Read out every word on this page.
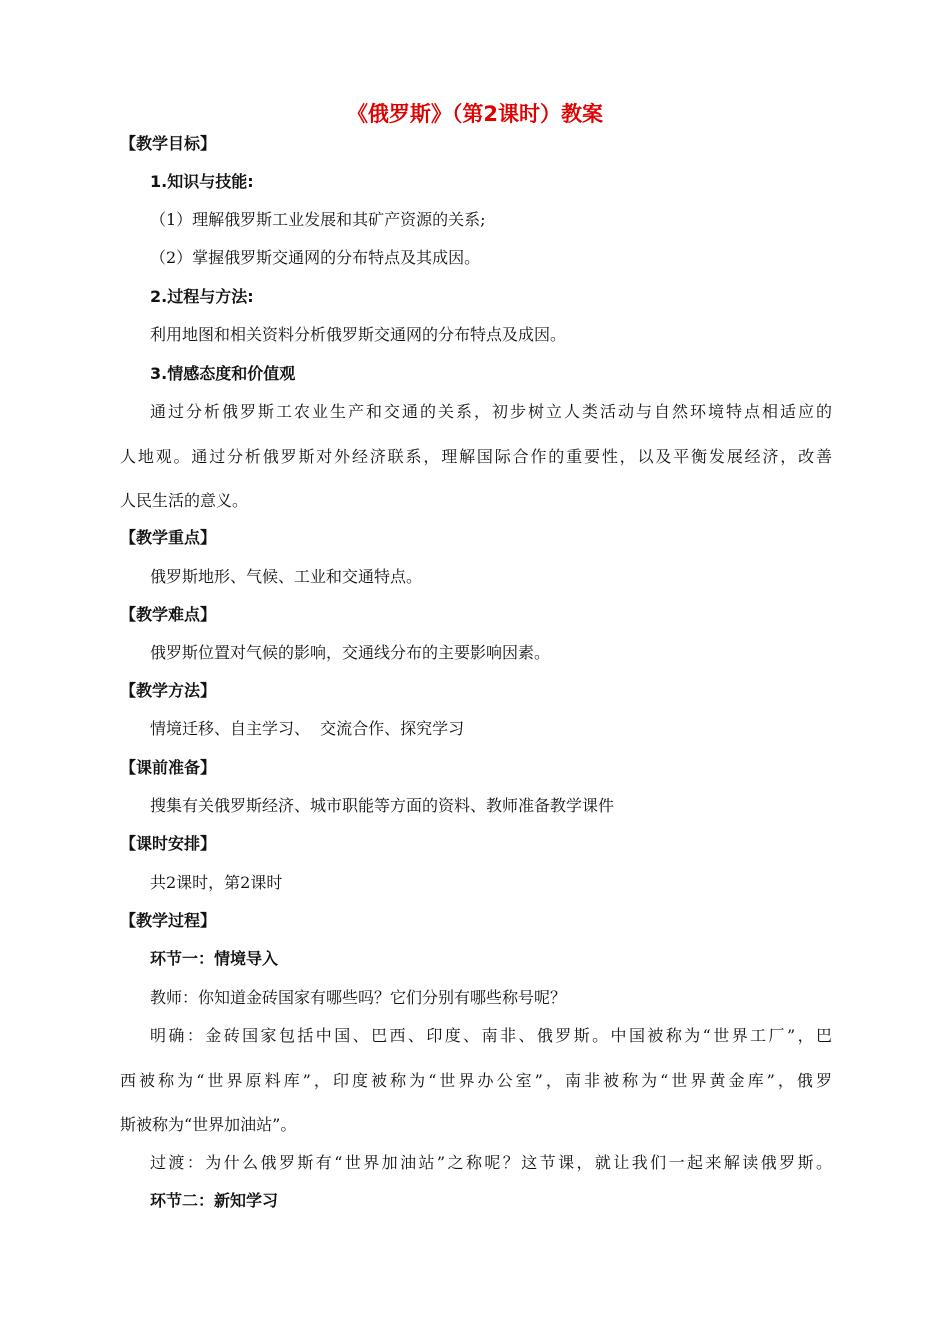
《俄罗斯》（第2课时）教案
【教学目标】
1.知识与技能:
（1）理解俄罗斯工业发展和其矿产资源的关系;
（2）掌握俄罗斯交通网的分布特点及其成因。
2.过程与方法:
利用地图和相关资料分析俄罗斯交通网的分布特点及成因。
3.情感态度和价值观
通过分析俄罗斯工农业生产和交通的关系，初步树立人类活动与自然环境特点相适应的
人地观。通过分析俄罗斯对外经济联系，理解国际合作的重要性，以及平衡发展经济，改善
人民生活的意义。
【教学重点】
俄罗斯地形、气候、工业和交通特点。
【教学难点】
俄罗斯位置对气候的影响，交通线分布的主要影响因素。
【教学方法】
情境迁移、自主学习、  交流合作、探究学习
【课前准备】
搜集有关俄罗斯经济、城市职能等方面的资料、教师准备教学课件
【课时安排】
共2课时，第2课时
【教学过程】
环节一：情境导入
教师：你知道金砖国家有哪些吗？它们分别有哪些称号呢？
明确：金砖国家包括中国、巴西、印度、南非、俄罗斯。中国被称为“世界工厂”，巴
西被称为“世界原料库”，印度被称为“世界办公室”，南非被称为“世界黄金库”，俄罗
斯被称为“世界加油站”。
过渡：为什么俄罗斯有“世界加油站”之称呢？这节课，就让我们一起来解读俄罗斯。
环节二：新知学习
